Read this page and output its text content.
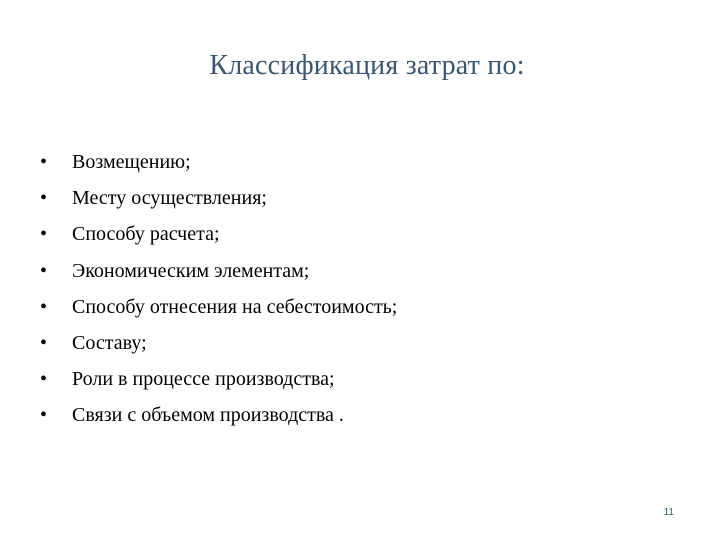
Классификация затрат по:
•	Возмещению;
•	Месту осуществления;
•	Способу расчета;
•	Экономическим элементам;
•	Способу отнесения на себестоимость;
•	Составу;
•	Роли в процессе производства;
•	Связи с объемом производства .
11
